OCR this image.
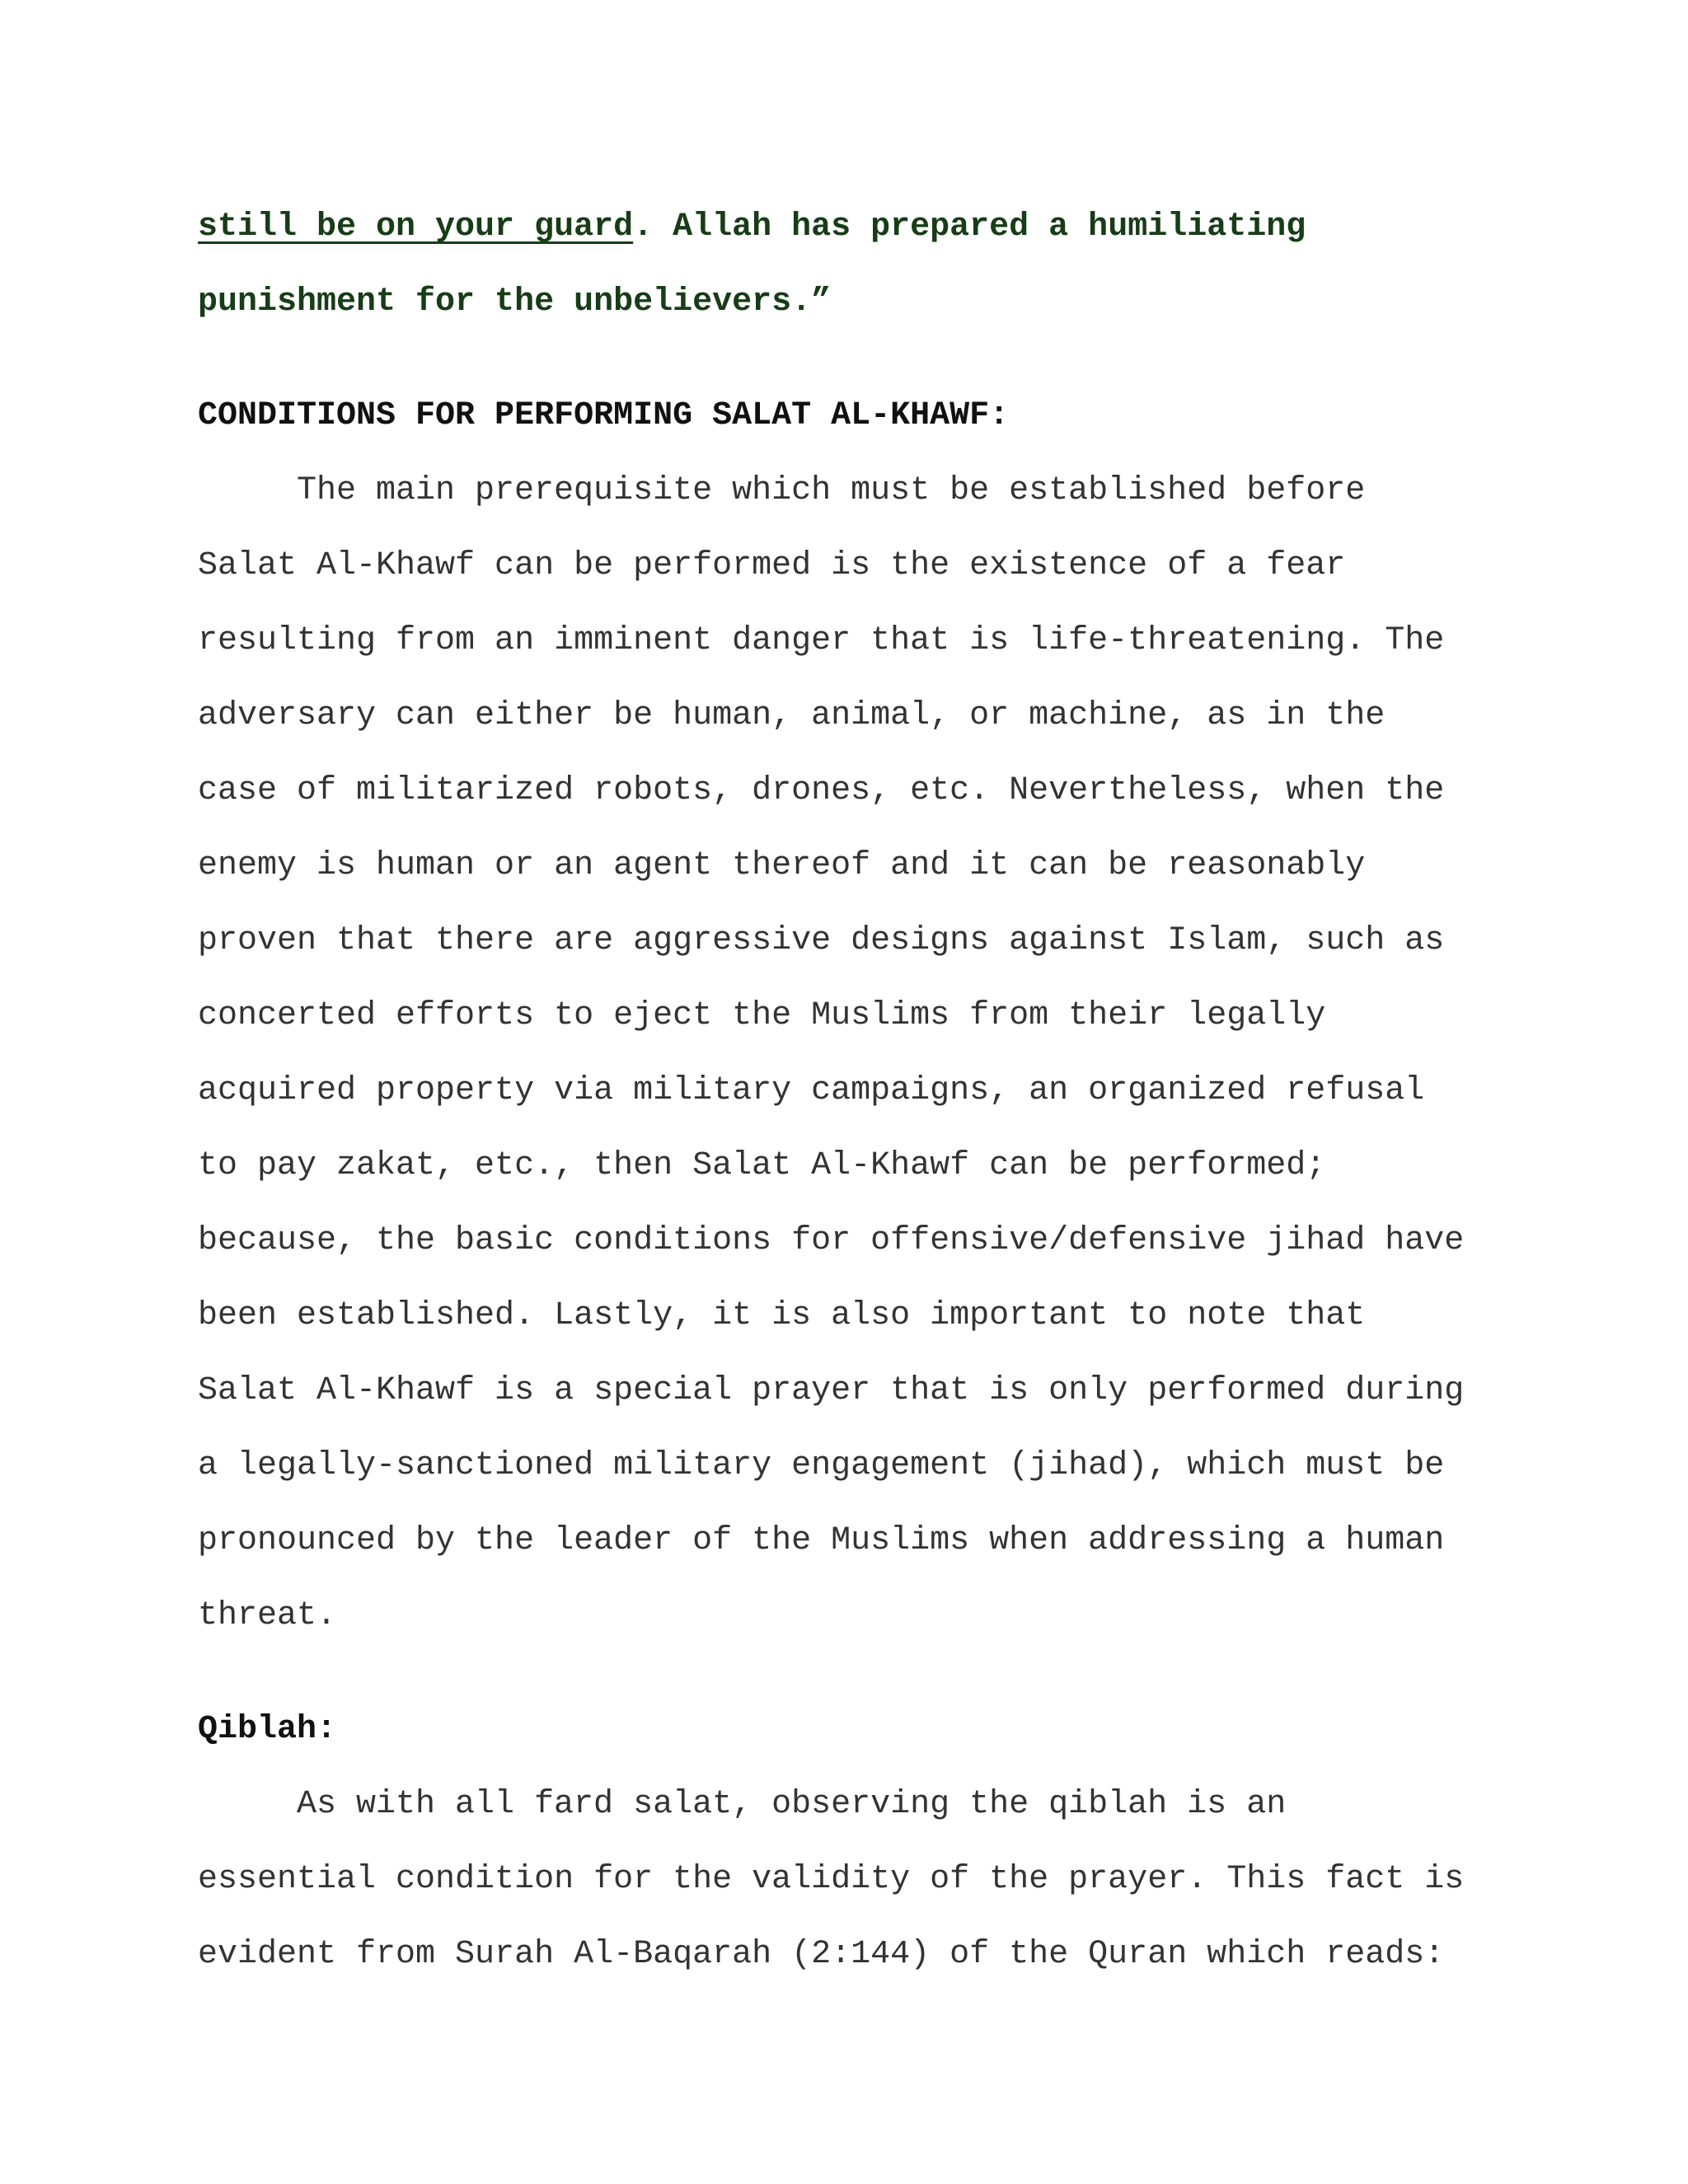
still be on your guard. Allah has prepared a humiliating
punishment for the unbelievers.”
CONDITIONS FOR PERFORMING SALAT AL-KHAWF:
The main prerequisite which must be established before
Salat Al-Khawf can be performed is the existence of a fear
resulting from an imminent danger that is life-threatening. The
adversary can either be human, animal, or machine, as in the
case of militarized robots, drones, etc. Nevertheless, when the
enemy is human or an agent thereof and it can be reasonably
proven that there are aggressive designs against Islam, such as
concerted efforts to eject the Muslims from their legally
acquired property via military campaigns, an organized refusal
to pay zakat, etc., then Salat Al-Khawf can be performed;
because, the basic conditions for offensive/defensive jihad have
been established. Lastly, it is also important to note that
Salat Al-Khawf is a special prayer that is only performed during
a legally-sanctioned military engagement (jihad), which must be
pronounced by the leader of the Muslims when addressing a human
threat.
Qiblah:
As with all fard salat, observing the qiblah is an
essential condition for the validity of the prayer. This fact is
evident from Surah Al-Baqarah (2:144) of the Quran which reads:
